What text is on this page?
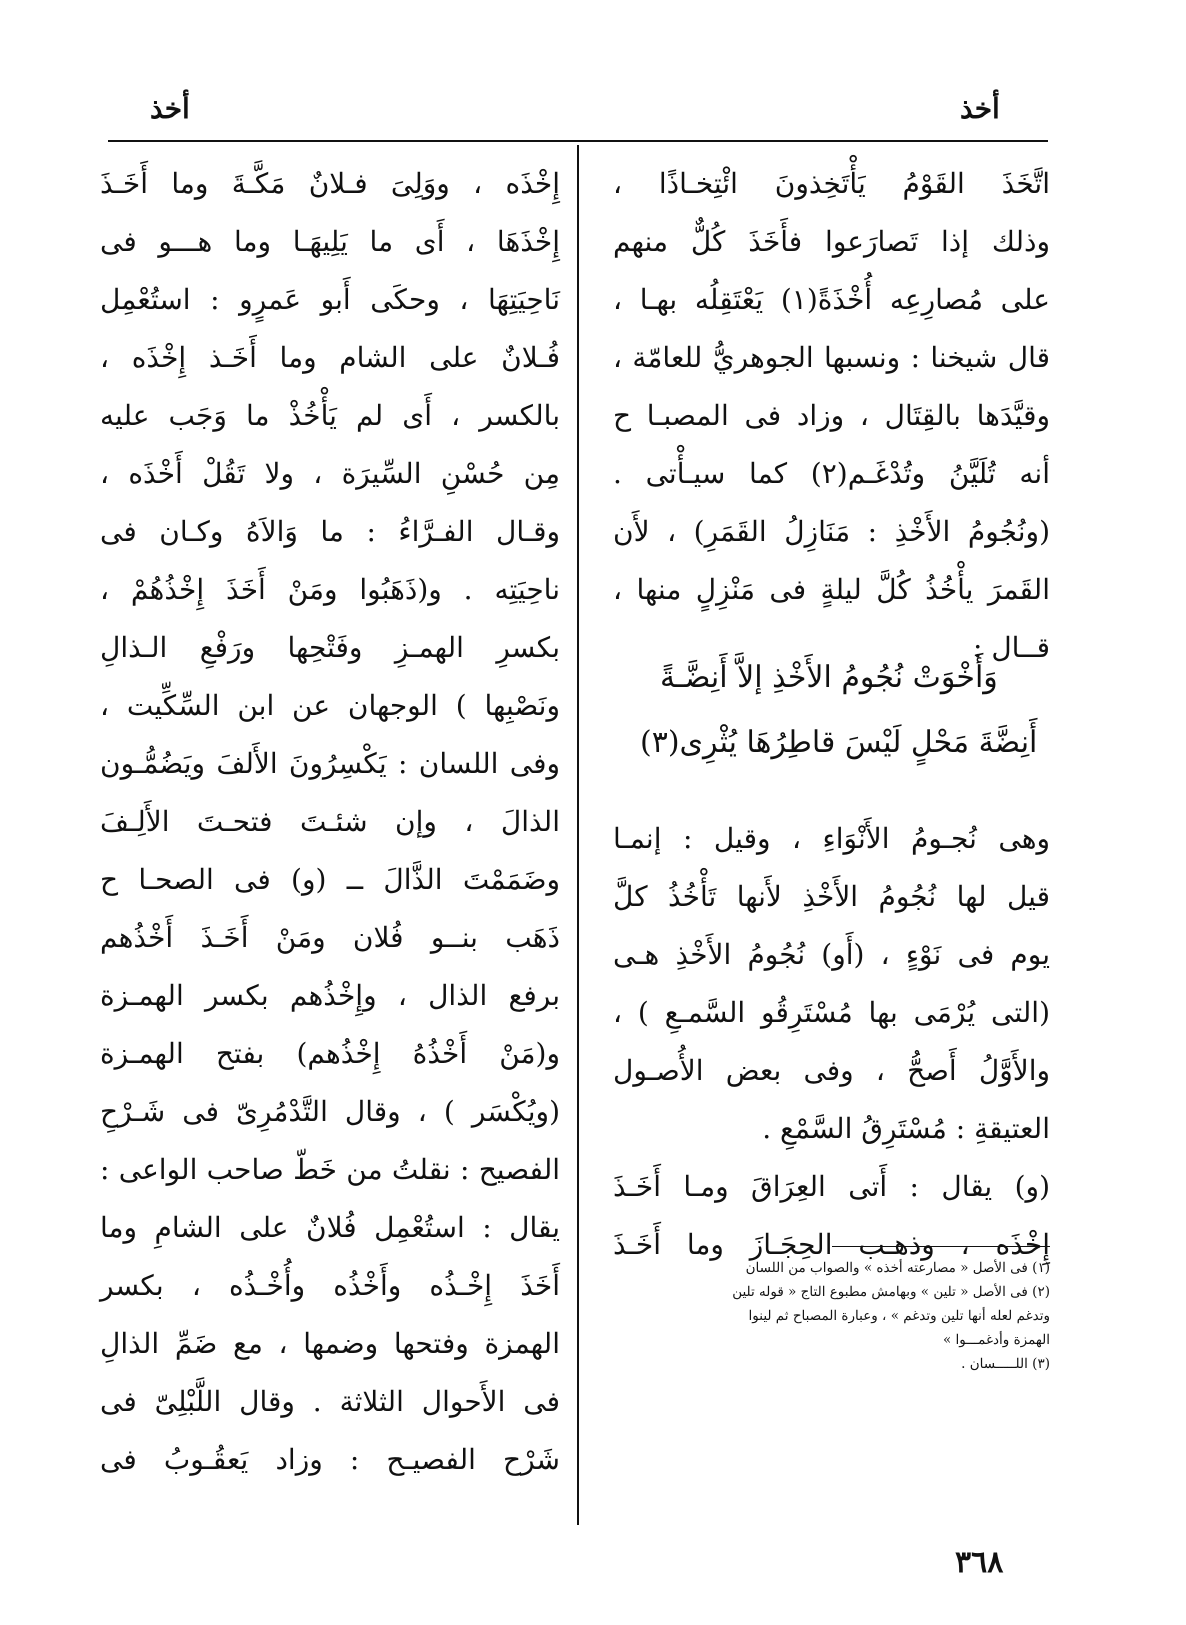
أخذ
أخذ
اتَّخَذَ القَوْمُ يَأْتَخِذونَ ائْتِخـاذًا ،
وذلك إذا تَصارَعوا فأَخَذَ كُلٌّ منهم
على مُصارِعِه أُخْذَةً(١) يَعْتَقِلُه بهـا ،
قال شيخنا : ونسبها الجوهريُّ للعامّة ،
وقيَّدَها بالقِتَال ، وزاد فى المصبـا ح
أنه تُلَيَّنُ وتُدْغَـم(٢) كما سيـأْتى .
(ونُجُومُ الأَخْذِ : مَنَازِلُ القَمَرِ) ، لأَن
القَمرَ يأْخُذُ كُلَّ ليلةٍ فى مَنْزِلٍ منها ،
قــال :
وَأَخْوَتْ نُجُومُ الأَخْذِ إلاَّ أَنِضَّـةً
أَنِضَّةَ مَحْلٍ لَيْسَ قاطِرُهَا يُثْرِى(٣)
وهى نُجـومُ الأَنْوَاءِ ، وقيل : إنمـا
قيل لها نُجُومُ الأَخْذِ لأَنها تَأْخُذُ كلَّ
يوم فى نَوْءٍ ، (أَو) نُجُومُ الأَخْذِ هـى
(التى يُرْمَى بها مُسْتَرِقُو السَّمـعِ ) ،
والأَوَّلُ أَصحُّ ، وفى بعض الأُصـول
العتيقةِ : مُسْتَرِقُ السَّمْعِ .
(و) يقال : أَتى العِرَاقَ ومـا أَخَـذَ
إِخْذَه ، وذهـب الحِجَـازَ وما أَخَـذَ
(١) فى الأصل « مصارعته أخذه » والصواب من اللسان
(٢) فى الأصل « تلين » وبهامش مطبوع التاج « قوله تلين
وتدغم لعله أنها تلين وتدغم » ، وعبارة المصباح ثم لينوا
الهمزة وأدغمـــوا »
(٣) اللـــــسان .
إِخْذَه ، ووَلِىَ فـلانٌ مَكَّـةَ وما أَخَـذَ
إِخْذَهَا ، أَى ما يَلِيهَـا وما هـــو فى
نَاحِيَتِهَا ، وحكَى أَبو عَمرٍو : استُعْمِل
فُـلانٌ على الشام وما أَخَـذ إِخْذَه ،
بالكسر ، أَى لم يَأْخُذْ ما وَجَب عليه
مِن حُسْنِ السِّيرَة ، ولا تَقُلْ أَخْذَه ،
وقـال الفـرَّاءُ : ما وَالاَهُ وكـان فى
ناحِيَتِه . و(ذَهَبُوا ومَنْ أَخَذَ إِخْذُهُمْ ،
بكسرِ الهمـزِ وفَتْحِها ورَفْعِ الـذالِ
ونَصْبِها ) الوجهان عن ابن السِّكِّيت ،
وفى اللسان : يَكْسِرُونَ الأَلفَ ويَضُمُّـون
الذالَ ، وإن شئـتَ فتحـتَ الأَلِـفَ
وضَمَمْتَ الذَّالَ ــ (و) فى الصحـا ح
ذَهَب بنــو فُلان ومَنْ أَخَـذَ أَخْذُهم
برفع الذال ، وإِخْذُهم بكسر الهمـزة
و(مَنْ أَخْذُهُ إِخْذُهم) بفتح الهمـزة
(ويُكْسَر ) ، وقال التَّدْمُرِىّ فى شَـرْحِ
الفصيح : نقلتُ من خَطّ صاحب الواعى :
يقال : استُعْمِل فُلانٌ على الشامِ وما
أَخَذَ إِخْـذُه وأَخْذُه وأُخْـذُه ، بكسر
الهمزة وفتحها وضمها ، مع ضَمِّ الذالِ
فى الأَحوال الثلاثة . وقال اللَّبْلِىّ فى
شَرْح الفصيـح : وزاد يَعقُـوبُ فى
٣٦٨
